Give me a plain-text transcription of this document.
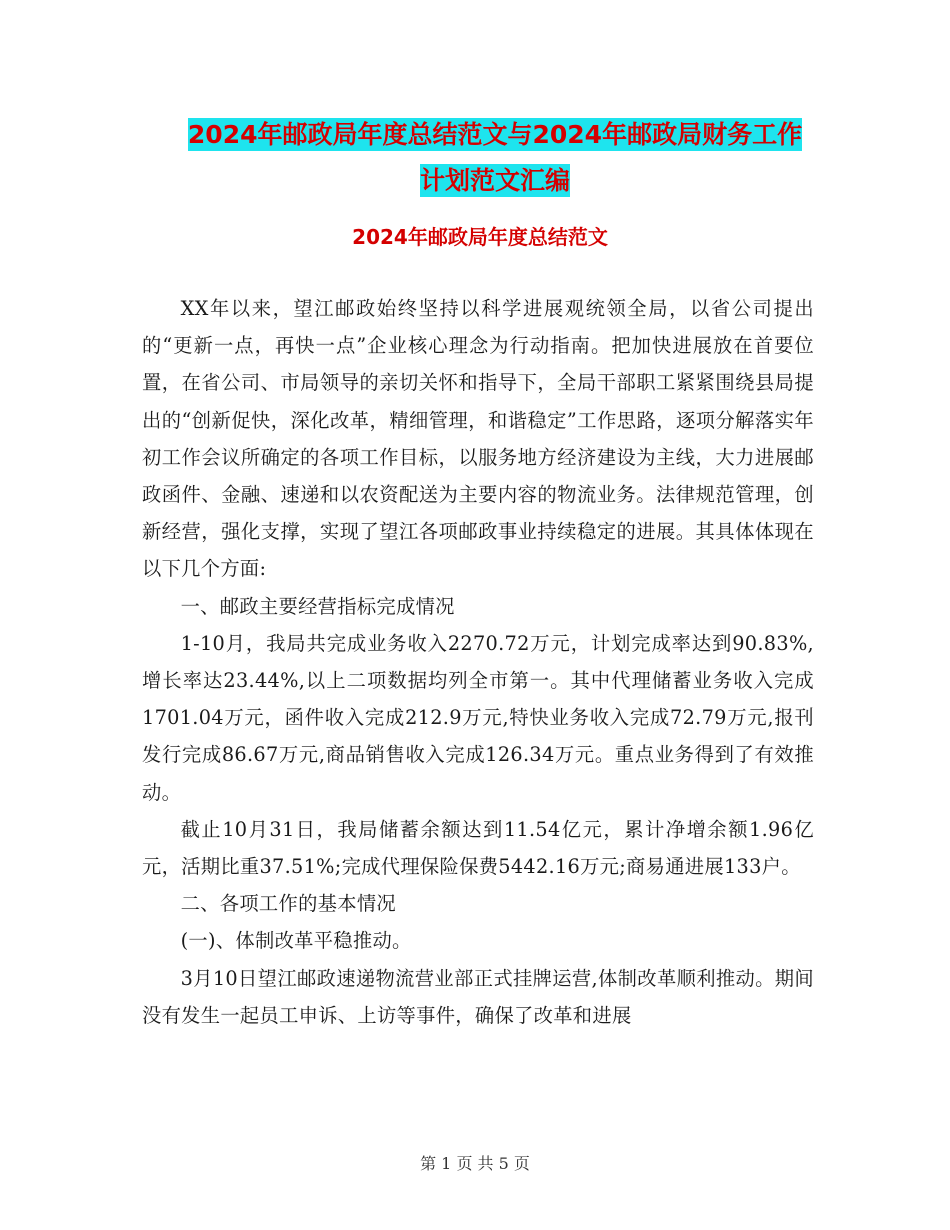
2024年邮政局年度总结范文与2024年邮政局财务工作
计划范文汇编
2024年邮政局年度总结范文

XX年以来，望江邮政始终坚持以科学进展观统领全局，以省公司提出的“更新一点，再快一点”企业核心理念为行动指南。把加快进展放在首要位置，在省公司、市局领导的亲切关怀和指导下，全局干部职工紧紧围绕县局提出的“创新促快，深化改革，精细管理，和谐稳定”工作思路，逐项分解落实年初工作会议所确定的各项工作目标，以服务地方经济建设为主线，大力进展邮政函件、金融、速递和以农资配送为主要内容的物流业务。法律规范管理，创新经营，强化支撑，实现了望江各项邮政事业持续稳定的进展。其具体体现在以下几个方面:

一、邮政主要经营指标完成情况

1-10月，我局共完成业务收入2270.72万元，计划完成率达到90.83%,增长率达23.44%,以上二项数据均列全市第一。其中代理储蓄业务收入完成1701.04万元，函件收入完成212.9万元,特快业务收入完成72.79万元,报刊发行完成86.67万元,商品销售收入完成126.34万元。重点业务得到了有效推动。

截止10月31日，我局储蓄余额达到11.54亿元，累计净增余额1.96亿元，活期比重37.51%;完成代理保险保费5442.16万元;商易通进展133户。

二、各项工作的基本情况

(一)、体制改革平稳推动。

3月10日望江邮政速递物流营业部正式挂牌运营,体制改革顺利推动。期间没有发生一起员工申诉、上访等事件，确保了改革和进展

第 1 页 共 5 页
